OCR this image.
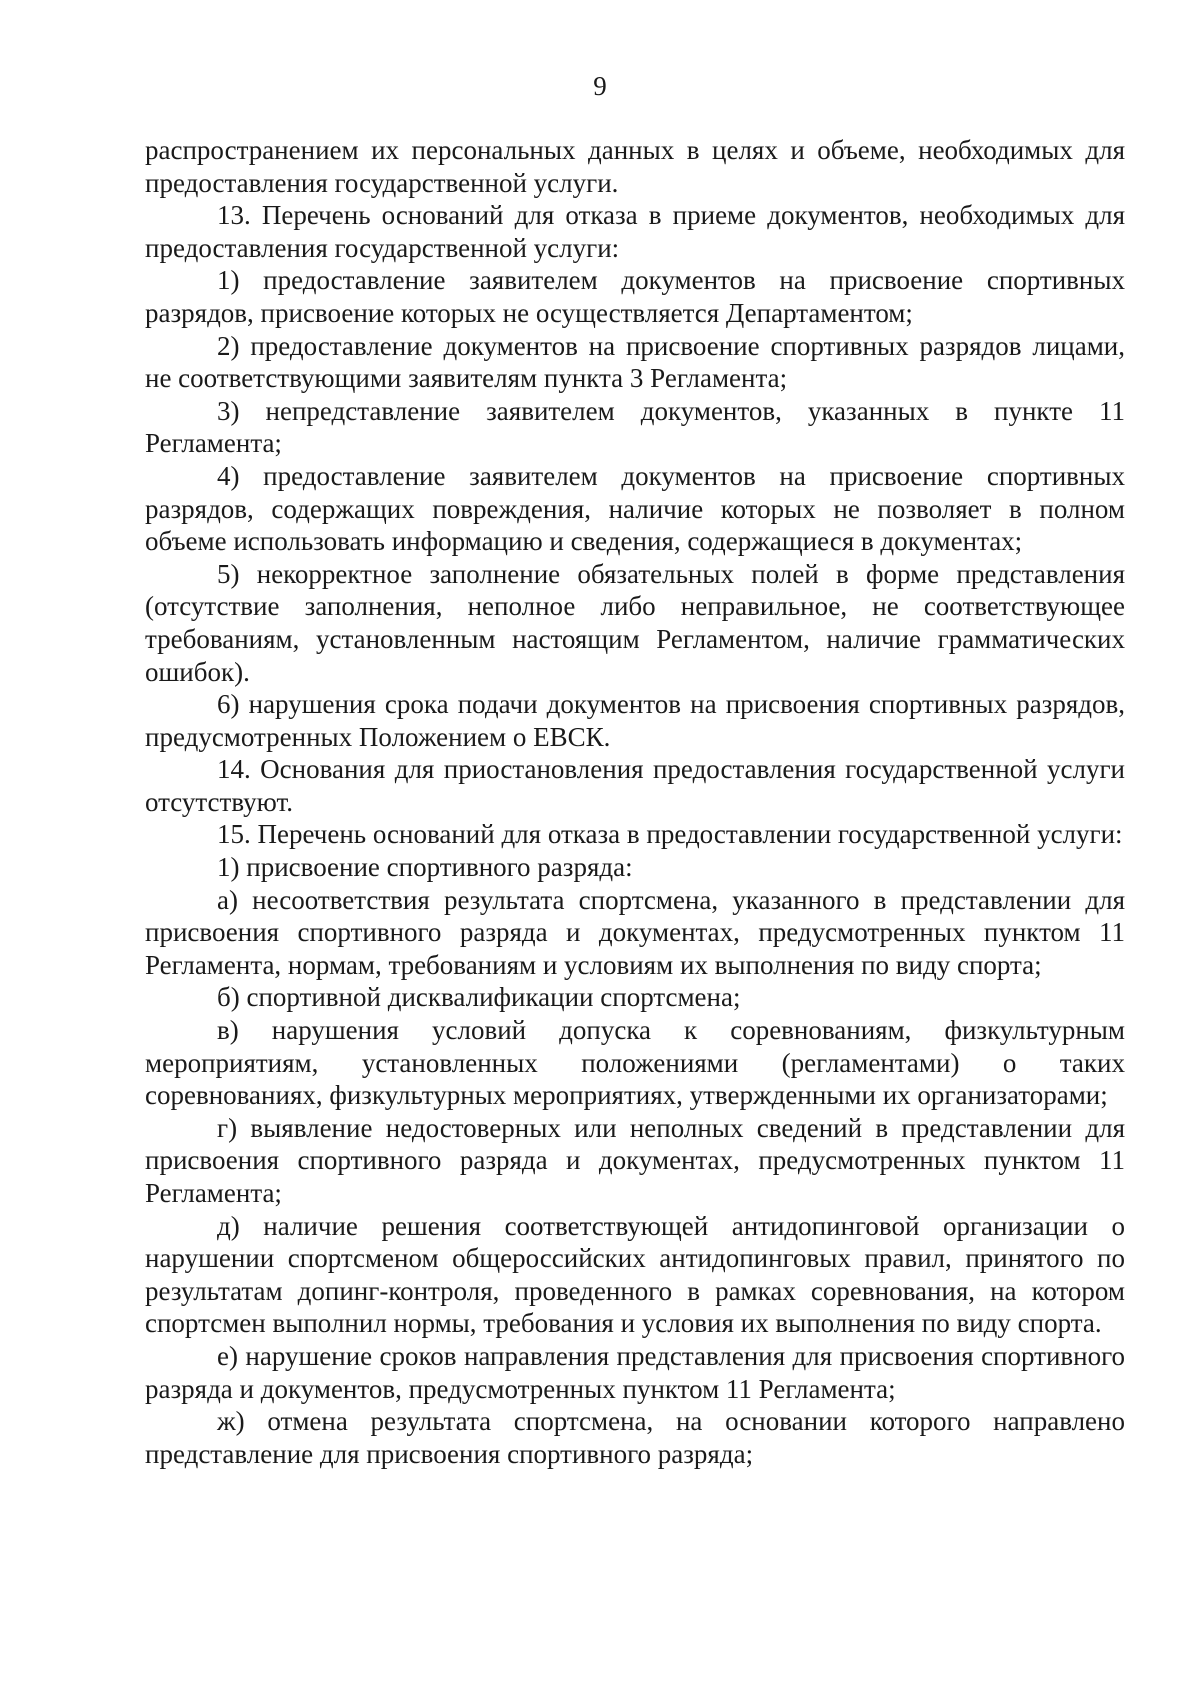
9

распространением их персональных данных в целях и объеме, необходимых для предоставления государственной услуги.

13. Перечень оснований для отказа в приеме документов, необходимых для предоставления государственной услуги:

1) предоставление заявителем документов на присвоение спортивных разрядов, присвоение которых не осуществляется Департаментом;

2) предоставление документов на присвоение спортивных разрядов лицами, не соответствующими заявителям пункта 3 Регламента;

3) непредставление заявителем документов, указанных в пункте 11 Регламента;

4) предоставление заявителем документов на присвоение спортивных разрядов, содержащих повреждения, наличие которых не позволяет в полном объеме использовать информацию и сведения, содержащиеся в документах;

5) некорректное заполнение обязательных полей в форме представления (отсутствие заполнения, неполное либо неправильное, не соответствующее требованиям, установленным настоящим Регламентом, наличие грамматических ошибок).

6) нарушения срока подачи документов на присвоения спортивных разрядов, предусмотренных Положением о ЕВСК.

14. Основания для приостановления предоставления государственной услуги отсутствуют.

15. Перечень оснований для отказа в предоставлении государственной услуги:

1) присвоение спортивного разряда:

а) несоответствия результата спортсмена, указанного в представлении для присвоения спортивного разряда и документах, предусмотренных пунктом 11 Регламента, нормам, требованиям и условиям их выполнения по виду спорта;

б) спортивной дисквалификации спортсмена;

в) нарушения условий допуска к соревнованиям, физкультурным мероприятиям, установленных положениями (регламентами) о таких соревнованиях, физкультурных мероприятиях, утвержденными их организаторами;

г) выявление недостоверных или неполных сведений в представлении для присвоения спортивного разряда и документах, предусмотренных пунктом 11 Регламента;

д) наличие решения соответствующей антидопинговой организации о нарушении спортсменом общероссийских антидопинговых правил, принятого по результатам допинг-контроля, проведенного в рамках соревнования, на котором спортсмен выполнил нормы, требования и условия их выполнения по виду спорта.

е) нарушение сроков направления представления для присвоения спортивного разряда и документов, предусмотренных пунктом 11 Регламента;

ж) отмена результата спортсмена, на основании которого направлено представление для присвоения спортивного разряда;
